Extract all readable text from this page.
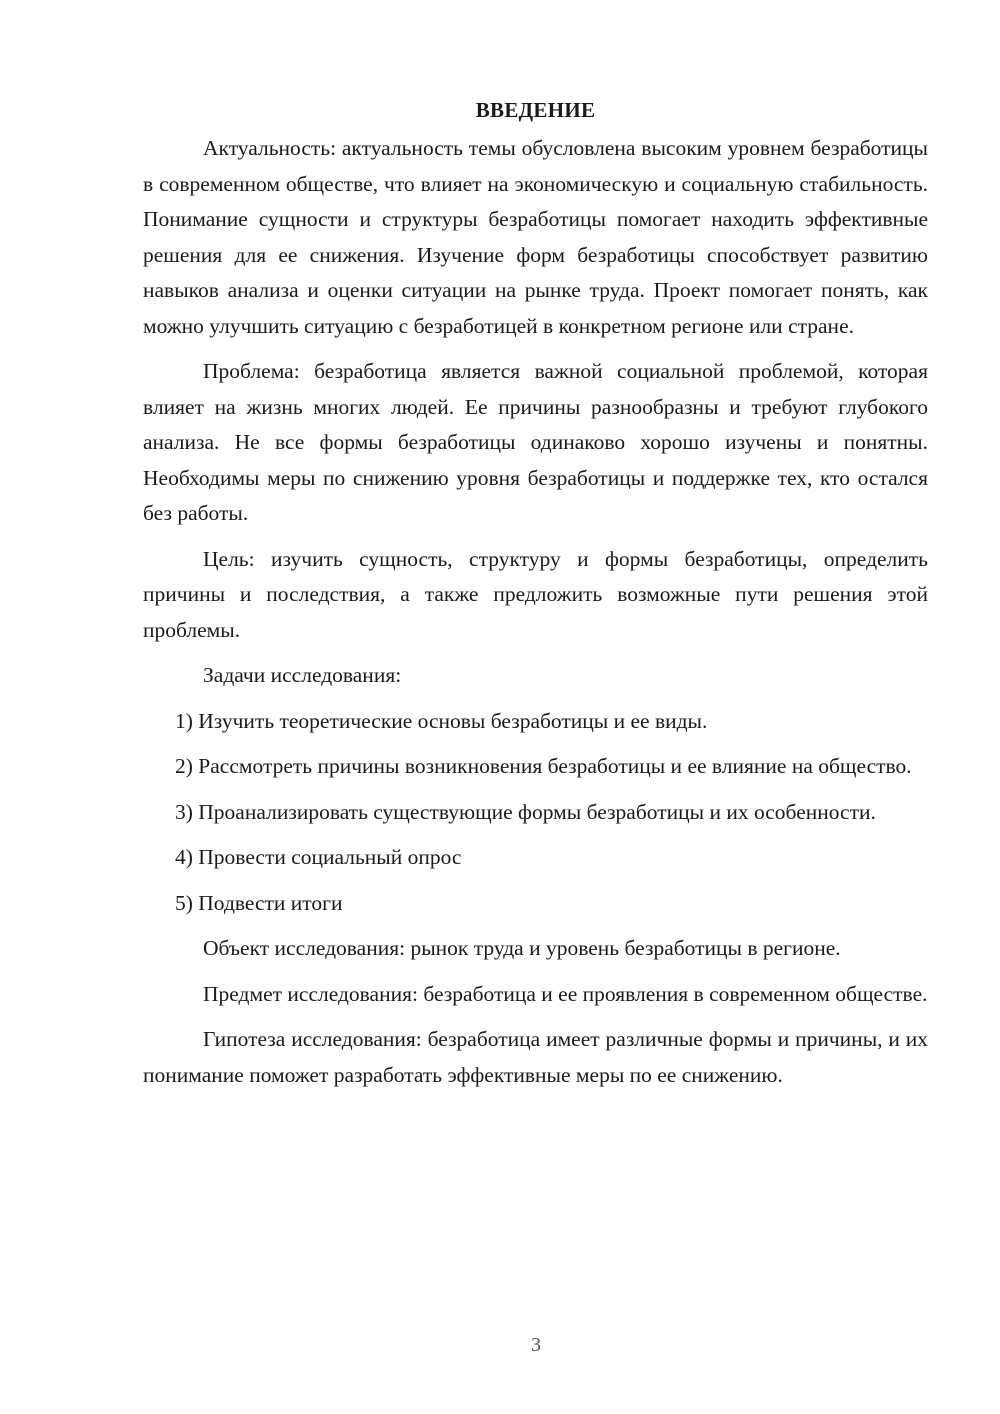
ВВЕДЕНИЕ

Актуальность: актуальность темы обусловлена высоким уровнем безработицы в современном обществе, что влияет на экономическую и социальную стабильность. Понимание сущности и структуры безработицы помогает находить эффективные решения для ее снижения. Изучение форм безработицы способствует развитию навыков анализа и оценки ситуации на рынке труда. Проект помогает понять, как можно улучшить ситуацию с безработицей в конкретном регионе или стране.

Проблема: безработица является важной социальной проблемой, которая влияет на жизнь многих людей. Ее причины разнообразны и требуют глубокого анализа. Не все формы безработицы одинаково хорошо изучены и понятны. Необходимы меры по снижению уровня безработицы и поддержке тех, кто остался без работы.

Цель: изучить сущность, структуру и формы безработицы, определить причины и последствия, а также предложить возможные пути решения этой проблемы.

Задачи исследования:

1) Изучить теоретические основы безработицы и ее виды.

2) Рассмотреть причины возникновения безработицы и ее влияние на общество.

3) Проанализировать существующие формы безработицы и их особенности.

4) Провести социальный опрос

5) Подвести итоги

Объект исследования: рынок труда и уровень безработицы в регионе.

Предмет исследования: безработица и ее проявления в современном обществе.

Гипотеза исследования: безработица имеет различные формы и причины, и их понимание поможет разработать эффективные меры по ее снижению.

3
